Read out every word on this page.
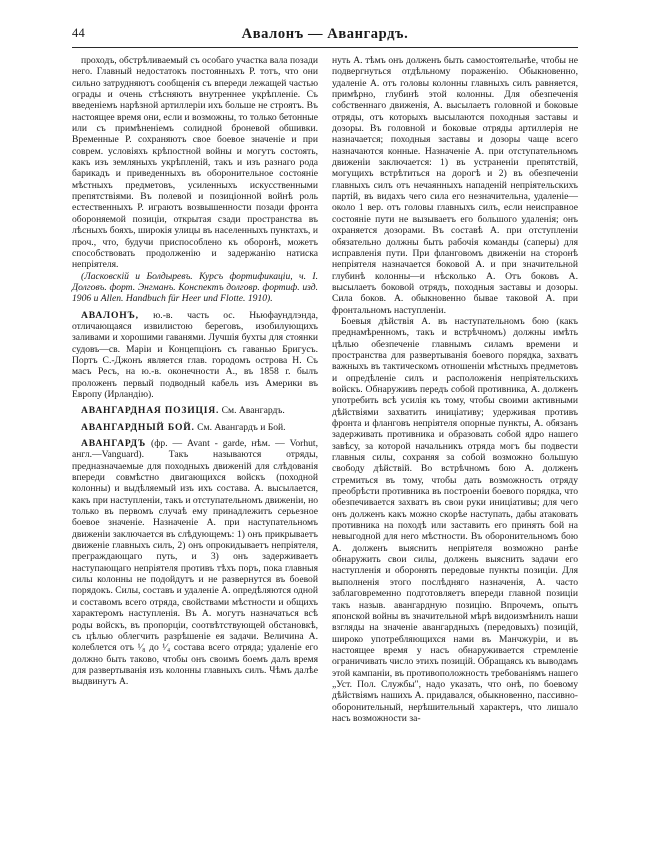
44	Авалонъ — Авангардъ.

проходъ, обстрѣливаемый съ особаго участка вала позади него. Главный недостатокъ постоянныхъ Р. тотъ, что они сильно затрудняютъ сообщенія съ впереди лежащей частью ограды и очень стѣсняютъ внутреннее укрѣпленіе. Съ введеніемъ нарѣзной артиллеріи ихъ больше не строятъ. Въ настоящее время они, если и возможны, то только бетонные или съ примѣненіемъ солидной броневой обшивки. Временные Р. сохраняютъ свое боевое значеніе и при соврем. условіяхъ крѣпостной войны и могутъ состоять, какъ изъ земляныхъ укрѣпленій, такъ и изъ разнаго рода барикадъ и приведенныхъ въ оборонительное состояніе мѣстныхъ предметовъ, усиленныхъ искусственными препятствіями. Въ полевой и позиціонной войнѣ роль естественныхъ Р. играютъ возвышенности позади фронта обороняемой позиціи, открытая сзади пространства въ лѣсныхъ бояхъ, широкія улицы въ населенныхъ пунктахъ, и проч., что, будучи приспособлено къ оборонѣ, можетъ способствовать продолженію и задержанію натиска непріятеля.

(Ласковскій и Болдыревъ. Курсъ фортификаціи, ч. I. Долговъ. форт. Энгманъ. Конспектъ долговр. фортиф. изд. 1906 и Allen. Handbuch für Heer und Flotte. 1910).

АВАЛОНЪ, ю.-в. часть ос. Ньюфаундлэнда, отличающаяся извилистою береговъ, изобилующихъ заливами и хорошими гаванями. Лучшія бухты для стоянки судовъ—св. Маріи и Концепціонъ съ гаванью Бригусъ. Портъ С.-Джонъ является глав. городомъ острова Н. Съ масъ Ресъ, на ю.-в. оконечности А., въ 1858 г. былъ проложенъ первый подводный кабель изъ Америки въ Европу (Ирландію).

АВАНГАРДНАЯ ПОЗИЦІЯ. См. Авангардъ.

АВАНГАРДНЫЙ БОЙ. См. Авангардъ и Бой.

АВАНГАРДЪ (фр. — Avant - garde, нѣм. — Vorhut, англ.—Vanguard). Такъ называются отряды, предназначаемые для походныхъ движеній для слѣдованія впереди совмѣстно двигающихся войскъ (походной колонны) и выдѣляемый изъ ихъ состава. А. высылается, какъ при наступленіи, такъ и отступательномъ движеніи, но только въ первомъ случаѣ ему принадлежитъ серьезное боевое значеніе. Назначеніе А. при наступательномъ движеніи заключается въ слѣдующемъ: 1) онъ прикрываетъ движеніе главныхъ силъ, 2) онъ опрокидываетъ непріятеля, преграждающаго путь, и 3) онъ задерживаетъ наступающаго непріятеля противъ тѣхъ поръ, пока главныя силы колонны не подойдутъ и не развернутся въ боевой порядокъ. Силы, составъ и удаленіе А. опредѣляются одной и составомъ всего отряда, свойствами мѣстности и общихъ характеромъ наступленія. Въ А. могутъ назначаться всѣ роды войскъ, въ пропорціи, соотвѣтствующей обстановкѣ, съ цѣлью облегчить разрѣшеніе ея задачи. Величина А. колеблется отъ ¹⁄₈ до ¹⁄₄ состава всего отряда; удаленіе его должно быть таково, чтобы онъ своимъ боемъ далъ время для развертыванія изъ колонны главныхъ силъ. Чѣмъ далѣе выдвинутъ А.

нуть А. тѣмъ онъ долженъ быть самостоятельнѣе, чтобы не подвергнуться отдѣльному пораженію. Обыкновенно, удаленіе А. отъ головы колонны главныхъ силъ равняется, примѣрно, глубинѣ этой колонны. Для обезпеченія собственнаго движенія, А. высылаетъ головной и боковые отряды, отъ которыхъ высылаются походныя заставы и дозоры. Въ головной и боковые отряды артиллерія не назначается; походныя заставы и дозоры чаще всего назначаются конные. Назначеніе А. при отступательномъ движеніи заключается: 1) въ устраненіи препятствій, могущихъ встрѣтиться на дорогѣ и 2) въ обезпеченіи главныхъ силъ отъ нечаянныхъ нападеній непріятельскихъ партій, въ видахъ чего сила его незначительна, удаленіе—около 1 вер. отъ головы главныхъ силъ, если неисправное состояніе пути не вызываетъ его большого удаленія; онъ охраняется дозорами. Въ составѣ А. при отступленіи обязательно должны быть рабочія команды (саперы) для исправленія пути. При фланговомъ движеніи на сторонѣ непріятеля назначается боковой А. и при значительной глубинѣ колонны—и нѣсколько А. Отъ боковъ А. высылаетъ боковой отрядъ, походныя заставы и дозоры. Сила боков. А. обыкновенно бывае таковой А. при фронтальномъ наступленіи.

Боевыя дѣйствія А. въ наступательномъ бою (какъ преднамѣренномъ, такъ и встрѣчномъ) должны имѣть цѣлью обезпеченіе главнымъ силамъ времени и пространства для развертыванія боевого порядка, захватъ важныхъ въ тактическомъ отношеніи мѣстныхъ предметовъ и опредѣленіе силъ и расположенія непріятельскихъ войскъ. Обнаруживъ передъ собой противника, А. долженъ употребить всѣ усилія къ тому, чтобы своими активными дѣйствіями захватить иниціативу; удерживая противъ фронта и фланговъ непріятеля опорные пункты, А. обязанъ задерживать противника и образовать собой ядро нашего завѣсу, за которой начальникъ отряда могъ бы подвести главныя силы, сохраняя за собой возможно большую свободу дѣйствій. Во встрѣчномъ бою А. долженъ стремиться въ тому, чтобы дать возможность отряду преобрѣсти противника въ построеніи боевого порядка, что обезпечивается захватъ въ свои руки иниціативы; для чего онъ долженъ какъ можно скорѣе наступать, дабы атаковать противника на походѣ или заставить его принять бой на невыгодной для него мѣстности. Въ оборонительномъ бою А. долженъ выяснить непріятеля возможно ранѣе обнаружить свои силы, должень выяснить задачи его наступленія и оборонять передовые пункты позиціи. Для выполненія этого послѣдняго назначенія, А. часто заблаговременно подготовляетъ впереди главной позиціи такъ назыв. авангардную позицію. Впрочемъ, опытъ японской войны въ значительной мѣрѣ видоизмѣнилъ наши взгляды на значеніе авангардныхъ (передовыхъ) позицій, широко употребляющихся нами въ Манчжуріи, и въ настоящее время у насъ обнаруживается стремленіе ограничивать число этихъ позицій. Обращаясь къ выводамъ этой кампаніи, въ противоположность требованіямъ нашего „Уст. Пол. Службы", надо указать, что онѣ, по боевому дѣйствіямъ нашихъ А. придавался, обыкновенно, пассивно-оборонительный, нерѣшительный характеръ, что лишало насъ возможности за-
